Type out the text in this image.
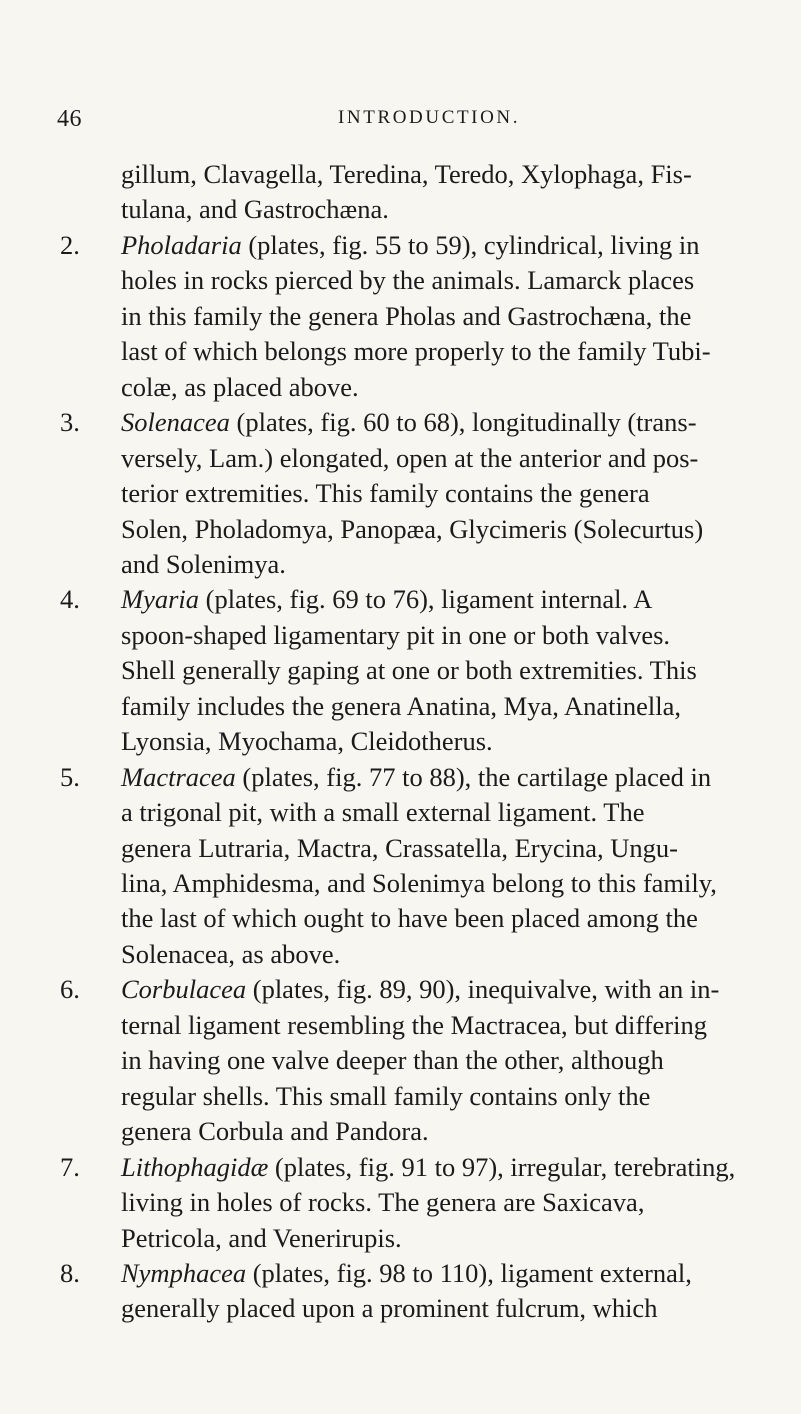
46	INTRODUCTION.
gillum, Clavagella, Teredina, Teredo, Xylophaga, Fis-
tulana, and Gastrochæna.
2. Pholadaria (plates, fig. 55 to 59), cylindrical, living in
holes in rocks pierced by the animals. Lamarck places
in this family the genera Pholas and Gastrochæna, the
last of which belongs more properly to the family Tubi-
colæ, as placed above.
3. Solenacea (plates, fig. 60 to 68), longitudinally (trans-
versely, Lam.) elongated, open at the anterior and pos-
terior extremities. This family contains the genera
Solen, Pholadomya, Panopæa, Glycimeris (Solecurtus)
and Solenimya.
4. Myaria (plates, fig. 69 to 76), ligament internal. A
spoon-shaped ligamentary pit in one or both valves.
Shell generally gaping at one or both extremities. This
family includes the genera Anatina, Mya, Anatinella,
Lyonsia, Myochama, Cleidotherus.
5. Mactracea (plates, fig. 77 to 88), the cartilage placed in
a trigonal pit, with a small external ligament. The
genera Lutraria, Mactra, Crassatella, Erycina, Ungu-
lina, Amphidesma, and Solenimya belong to this family,
the last of which ought to have been placed among the
Solenacea, as above.
6. Corbulacea (plates, fig. 89, 90), inequivalve, with an in-
ternal ligament resembling the Mactracea, but differing
in having one valve deeper than the other, although
regular shells. This small family contains only the
genera Corbula and Pandora.
7. Lithophagidæ (plates, fig. 91 to 97), irregular, terebrating,
living in holes of rocks. The genera are Saxicava,
Petricola, and Venerirupis.
8. Nymphacea (plates, fig. 98 to 110), ligament external,
generally placed upon a prominent fulcrum, which
